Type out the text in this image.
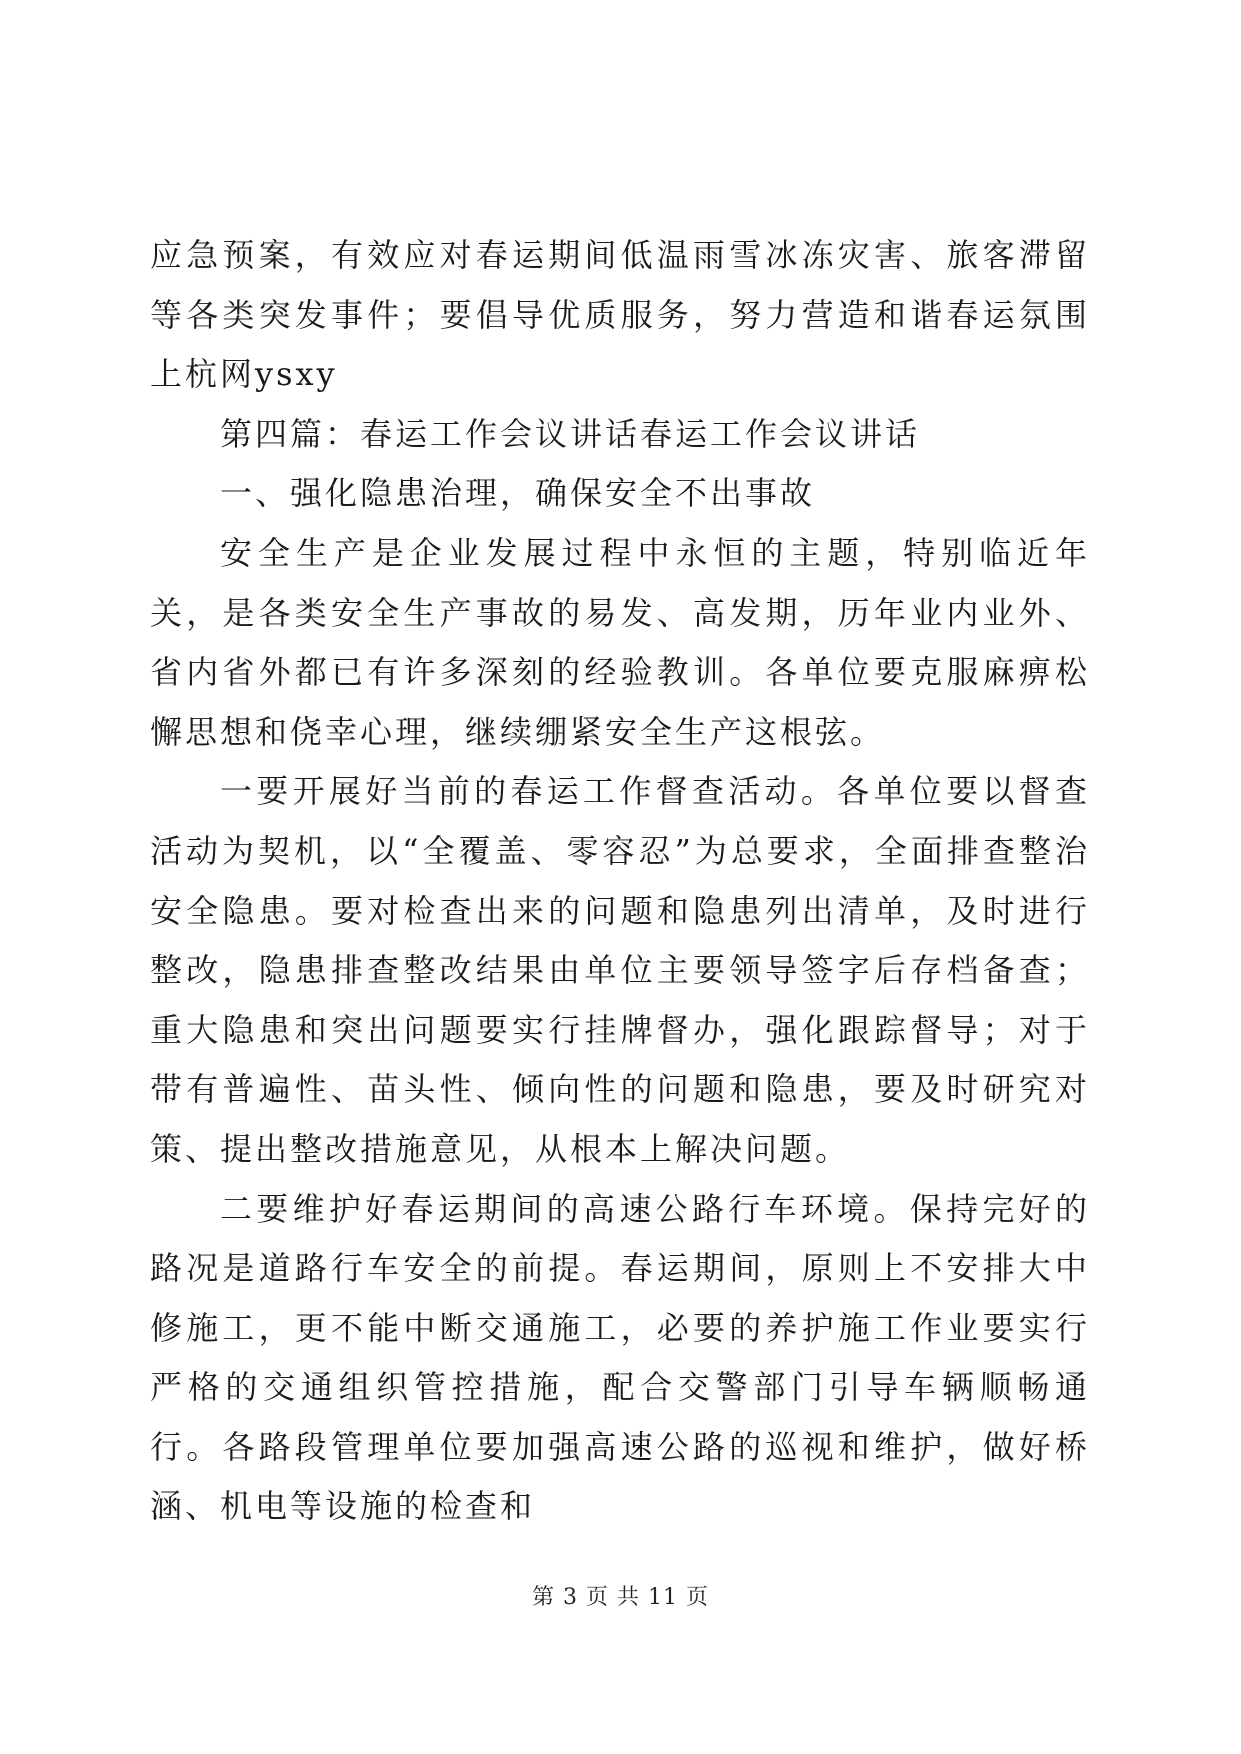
应急预案，有效应对春运期间低温雨雪冰冻灾害、旅客滞留等各类突发事件；要倡导优质服务，努力营造和谐春运氛围上杭网ysxy

第四篇：春运工作会议讲话春运工作会议讲话

一、强化隐患治理，确保安全不出事故

安全生产是企业发展过程中永恒的主题，特别临近年关，是各类安全生产事故的易发、高发期，历年业内业外、省内省外都已有许多深刻的经验教训。各单位要克服麻痹松懈思想和侥幸心理，继续绷紧安全生产这根弦。

一要开展好当前的春运工作督查活动。各单位要以督查活动为契机，以“全覆盖、零容忍”为总要求，全面排查整治安全隐患。要对检查出来的问题和隐患列出清单，及时进行整改，隐患排查整改结果由单位主要领导签字后存档备查；重大隐患和突出问题要实行挂牌督办，强化跟踪督导；对于带有普遍性、苗头性、倾向性的问题和隐患，要及时研究对策、提出整改措施意见，从根本上解决问题。

二要维护好春运期间的高速公路行车环境。保持完好的路况是道路行车安全的前提。春运期间，原则上不安排大中修施工，更不能中断交通施工，必要的养护施工作业要实行严格的交通组织管控措施，配合交警部门引导车辆顺畅通行。各路段管理单位要加强高速公路的巡视和维护，做好桥涵、机电等设施的检查和

第 3 页 共 11 页
